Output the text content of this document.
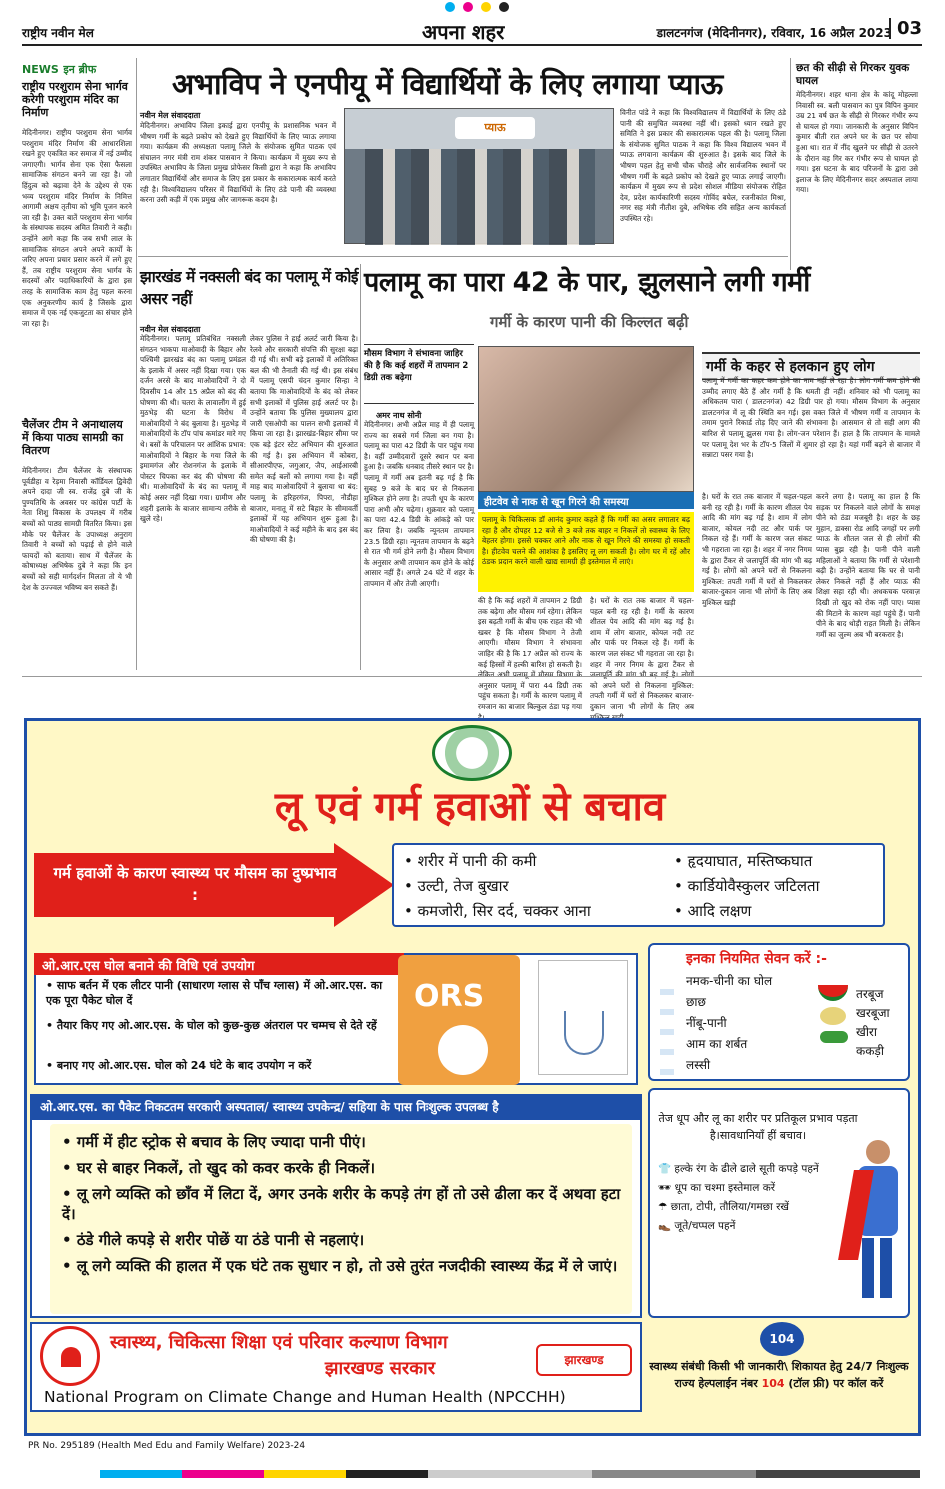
राष्ट्रीय नवीन मेल	अपना शहर	डालटनगंज (मेदिनीनगर), रविवार, 16 अप्रैल 2023 03
NEWS इन ब्रीफ
राष्ट्रीय परशुराम सेना भार्गव करेगी परशुराम मंदिर का निर्माण
मेदिनीनगर। राष्ट्रीय परशुराम सेना भार्गव परशुराम मंदिर निर्माण की आधारशिला रखने हुए एकत्रित कर समाज में नई उम्मीद जगाएगी। भार्गव सेना एक ऐसा फैसला सामाजिक संगठन बनने जा रहा है। जो हिंदुत्व को बढ़ावा देने के उद्देश्य से एक भव्य परशुराम मंदिर निर्माण के निमित्त आगामी अक्षय तृतीया को भूमि पूजन करने जा रही है। उक्त बातें परशुराम सेना भार्गव के संस्थापक सदस्य अमित तिवारी ने कही। उन्होंने आगे कहा कि जब सभी लाल के सामाजिक संगठन अपने अपने कार्यों के जरिए अपना प्रचार प्रसार करने में लगे हुए हैं, तब राष्ट्रीय परशुराम सेना भार्गव के सदस्यों और पदाधिकारियों के द्वारा इस तरह के सामाजिक काम हेतु पहल करना एक अनुकरणीय कार्य है जिसके द्वारा समाज में एक नई एकजुटता का संचार होने जा रहा है।
चैलेंजर टीम ने अनाथालय में किया पाठ्य सामग्री का वितरण
मेदिनीनगर। टीम चैलेंजर के संस्थापक पूर्वडीहा व रेड़मा निवासी कॉर्डियल द्विवेदी अपने दादा जी स्व. राजेंद्र दुबे जी के पुण्यतिथि के अवसर पर कांग्रेस पार्टी के नेता शिशु विकास के उपलक्ष्य में गरीब बच्चों को पाठ्य सामग्री वितरित किया। इस मौके पर चैलेंजर के उपाध्यक्ष अनुराग तिवारी ने बच्चों को पढ़ाई से होने वाले फायदों को बताया। साथ में चैलेंजर के कोषाध्यक्ष अभिषेक दुबे ने कहा कि इन बच्चों को सही मार्गदर्शन मिलता तो ये भी देश के उज्ज्वल भविष्य बन सकते हैं।
अभाविप ने एनपीयू में विद्यार्थियों के लिए लगाया प्याऊ
नवीन मेल संवाददाता
मेदिनीनगर। अभाविप जिला इकाई द्वारा एनपीयू के प्रशासनिक भवन में भीषण गर्मी के बढ़ते प्रकोप को देखते हुए विद्यार्थियों के लिए प्याऊ लगाया गया। कार्यक्रम की अध्यक्षता पलामू जिले के संयोजक सुमित पाठक एवं संचालन नगर मंत्री राम शंकर पासवान ने किया। कार्यक्रम में मुख्य रूप से उपस्थित अभाविप के जिला प्रमुख प्रोफेसर किसी द्वारा ने कहा कि अभाविप लगातार विद्यार्थियों और समाज के लिए इस प्रकार के सकारात्मक कार्य करते रही है। विश्वविद्यालय परिसर में विद्यार्थियों के लिए ठंडे पानी की व्यवस्था करना उसी कड़ी में एक प्रमुख और जागरूक कदम है।
प्याऊ
विनीत पांडे ने कहा कि विश्वविद्यालय में विद्यार्थियों के लिए ठंडे पानी की समुचित व्यवस्था नहीं थी। इसको ध्यान रखते हुए समिति ने इस प्रकार की सकारात्मक पहल की है। पलामू जिला के संयोजक सुमित पाठक ने कहा कि विश्व विद्यालय भवन में प्याऊ लगवाना कार्यक्रम की शुरुआत है। इसके बाद जिले के भीषण पहल हेतु सभी चौक चौराहे और सार्वजनिक स्थानों पर भीषण गर्मी के बढ़ते प्रकोप को देखते हुए प्याऊ लगाई जाएगी। कार्यक्रम में मुख्य रूप से प्रदेश सोशल मीडिया संयोजक रोहित देव, प्रदेश कार्यकारिणी सदस्य गोविंद बघेल, रजनीकांत मिश्रा, नगर सह मंत्री नीतीश दुबे, अभिषेक रवि सहित अन्य कार्यकर्ता उपस्थित रहे।
छत की सीढ़ी से गिरकर युवक घायल
मेदिनीनगर। शहर थाना क्षेत्र के कांदू मोहल्ला निवासी स्व. बली पासवान का पुत्र विपिन कुमार उम्र 21 वर्ष छत के सीढ़ी से गिरकर गंभीर रूप से घायल हो गया। जानकारी के अनुसार विपिन कुमार बीती रात अपने घर के छत पर सोया हुआ था। रात में नींद खुलने पर सीढ़ी से उतरने के दौरान वह गिर कर गंभीर रूप से घायल हो गया। इस घटना के बाद परिजनों के द्वारा उसे इलाज के लिए मेदिनीनगर सदर अस्पताल लाया गया।
झारखंड में नक्सली बंद का पलामू में कोई असर नहीं
नवीन मेल संवाददाता
मेदिनीनगर। पलामू प्रतिबंधित नक्सली संगठन भाकपा माओवादी के बिहार और पश्चिमी झारखंड बंद का पलामू प्रमंडल के इलाके में असर नहीं दिखा गया। एक दर्जन अरसे के बाद माओवादियों ने दो दिवसीय 14 और 15 अप्रैल को बंद की घोषणा की थी। चतरा के लावालौंग में हुई मुठभेड़ की घटना के विरोध में माओवादियों ने बंद बुलाया है। मुठभेड़ में माओवादियों के टॉप पांच कमांडर मारे गए थे। बसों के परिचालन पर आंशिक प्रभाव: माओवादियों ने बिहार के गया जिले के इमामगंज और रोशनगंज के इलाके में पोस्टर चिपका कर बंद की घोषणा की थी। माओवादियों के बंद का पलामू में कोई असर नहीं दिखा गया। ग्रामीण और शहरी इलाके के बाजार सामान्य तरीके से खुले रहे।
लेकर पुलिस ने हाई अलर्ट जारी किया है। रेलवे और सरकारी संपत्ति की सुरक्षा बढ़ा दी गई थी। सभी बड़े इलाकों में अतिरिक्त बल की भी तैनाती की गई थी। इस संबंध में पलामू एसपी चंदन कुमार सिन्हा ने बताया कि माओवादियों के बंद को लेकर सभी इलाकों में पुलिस हाई अलर्ट पर है। उन्होंने बताया कि पुलिस मुख्यालय द्वारा जारी एसओपी का पालन सभी इलाकों में किया जा रहा है। झारखंड-बिहार सीमा पर एक बड़े इंटर स्टेट अभियान की शुरुआत की गई है। इस अभियान में कोबरा, सीआरपीएफ, जगुआर, जैप, आईआरबी समेत कई बलों को लगाया गया है। वहीं माह बाद माओवादियों ने बुलाया था बंद: पलामू के हरिहरगंज, पिपरा, नौडीहा बाजार, मनातू में सटे बिहार के सीमावर्ती इलाकों में यह अभियान शुरू हुआ है। माओवादियों ने कई महीने के बाद इस बंद की घोषणा की है।
पलामू का पारा 42 के पार, झुलसाने लगी गर्मी
गर्मी के कारण पानी की किल्लत बढ़ी
मौसम विभाग ने संभावना जाहिर की है कि कई शहरों में तापमान 2 डिग्री तक बढ़ेगा
अमर नाथ सोनी
मेदिनीनगर। अभी अप्रैल माह में ही पलामू राज्य का सबसे गर्म जिला बन गया है। पलामू का पारा 42 डिग्री के पार पहुंच गया है। वहीं उम्मीदवारों दूसरे स्थान पर बना हुआ है। जबकि धनबाद तीसरे स्थान पर है। पलामू में गर्मी अब इतनी बढ़ गई है कि सुबह 9 बजे के बाद घर से निकलना मुश्किल होने लगा है। तपती धूप के कारण पारा अभी और चढ़ेगा। शुक्रवार को पलामू का पारा 42.4 डिग्री के आंकड़े को पार कर लिया है। जबकि न्यूनतम तापमान 23.5 डिग्री रहा। न्यूनतम तापमान के बढ़ने से रात भी गर्म होने लगी है। मौसम विभाग के अनुसार अभी तापमान कम होने के कोई आसार नहीं हैं। अगले 24 घंटे में शहर के तापमान में और तेजी आएगी।
हीटवेव से नाक से खून गिरने की समस्या
पलामू के चिकित्सक डॉ आनंद कुमार कहते हैं कि गर्मी का असर लगातार बढ़ रहा है और दोपहर 12 बजे से 3 बजे तक बाहर न निकलें तो स्वास्थ्य के लिए बेहतर होगा। इससे चक्कर आने और नाक से खून गिरने की समस्या हो सकती है। हीटवेव चलने की आशंका है इसलिए लू लग सकती है। लोग घर में रहें और ठंडक प्रदान करने वाली खाद्य सामग्री ही इस्तेमाल में लाएं।
की है कि कई शहरों में तापमान 2 डिग्री तक बढ़ेगा और मौसम गर्म रहेगा। लेकिन इस बढ़ती गर्मी के बीच एक राहत की भी खबर है कि मौसम विभाग ने तेजी आएगी। मौसम विभाग ने संभावना जाहिर की है कि 17 अप्रैल को राज्य के कई हिस्सों में हल्की बारिश हो सकती है। लेकिन अभी पलामू में मौसम विभाग के अनुसार पलामू में पारा 44 डिग्री तक पहुंच सकता है। गर्मी के कारण पलामू में रमजान का बाजार बिल्कुल ठंडा पड़ गया
है। घरों के रात तक बाजार में चहल-पहल बनी रह रही है। गर्मी के कारण शीतल पेय आदि की मांग बढ़ गई है। शाम में लोग बाजार, कोयल नदी तट और पार्क पर निकल रहे हैं। गर्मी के कारण जल संकट भी गहराता जा रहा है। शहर में नगर निगम के द्वारा टैंकर से जलापूर्ति की मांग भी बढ़ गई है। लोगों को अपने घरों से निकलना मुश्किल: तपती गर्मी में घरों से निकलकर बाजार-दुकान जाना भी लोगों के लिए अब
गर्मी के कहर से हलकान हुए लोग
पलामू में गर्मी का कहर कम होने का नाम नहीं ले रहा है। लोग गर्मी कम होने की उम्मीद लगाए बैठे हैं और गर्मी है कि थमती ही नहीं। शनिवार को भी पलामू का अधिकतम पारा ( डालटनगंज) 42 डिग्री पार हो गया। मौसम विभाग के अनुसार डालटनगंज में लू की स्थिति बन गई। इस वक्त जिले में भीषण गर्मी व तापमान के तमाम पुराने रिकार्ड तोड़ दिए जाने की संभावना है। आसमान से तो सही आग की बारिश से पलामू झुलस गया है। लोग-जन परेशान हैं। हाल है कि तापमान के मामले पर पलामू देश भर के टॉप-5 जिलों में शुमार हो रहा है। यहां गर्मी बढ़ने से बाजार में सन्नाटा पसर गया है।
है। घरों के रात तक बाजार में चहल-पहल बनी रह रही है। गर्मी के कारण शीतल पेय आदि की मांग बढ़ गई है। शाम में लोग बाजार, कोयल नदी तट और पार्क पर निकल रहे हैं। गर्मी के कारण जल संकट भी गहराता जा रहा है। शहर में नगर निगम के द्वारा टैंकर से जलापूर्ति की मांग भी बढ़ गई है। लोगों को अपने घरों से निकलना मुश्किल: तपती गर्मी में घरों से निकलकर बाजार-दुकान जाना भी लोगों के लिए अब मुश्किल खड़ी
करने लगा है। पलामू का हाल है कि सड़क पर निकलने वाले लोगों के समक्ष पीने को ठंडा मजबूरी है। शहर के छह मुहान, डाक्सा रोड आदि जगहों पर लगी प्याऊ के शीतल जल से ही लोगों की प्यास बुझ रही है। पानी पीने वाली महिलाओं ने बताया कि गर्मी से परेशानी बढ़ी है। उन्होंने बताया कि घर से पानी लेकर निकले नहीं हैं और प्याऊ की शिक्षा सहा रही थी। अधकचक परवाज़ दिखी तो खुद को रोक नहीं पाए। प्यास की मिटाने के कारण वहां पहुंचे हैं। पानी पीने के बाद थोड़ी राहत मिली है। लेकिन गर्मी का जुल्म अब भी बरकरार है।
लू एवं गर्म हवाओं से बचाव
गर्म हवाओं के कारण स्वास्थ्य पर मौसम का दुष्प्रभाव :
• शरीर में पानी की कमी
• उल्टी, तेज बुखार
• कमजोरी, सिर दर्द, चक्कर आना
• हृदयाघात, मस्तिष्कघात
• कार्डियोवैस्कुलर जटिलता
• आदि लक्षण
ओ.आर.एस घोल बनाने की विधि एवं उपयोग
• साफ बर्तन में एक लीटर पानी (साधारण ग्लास से पाँच ग्लास) में ओ.आर.एस. का एक पूरा पैकेट घोल दें
• तैयार किए गए ओ.आर.एस. के घोल को कुछ-कुछ अंतराल पर चम्मच से देते रहें
• बनाए गए ओ.आर.एस. घोल को 24 घंटे के बाद उपयोग न करें
ORS
इनका नियमित सेवन करें :-
नमक-चीनी का घोल
छाछ
नींबू-पानी
आम का शर्बत
लस्सी
तरबूज
खरबूजा
खीरा
ककड़ी
ओ.आर.एस. का पैकेट निकटतम सरकारी अस्पताल/ स्वास्थ्य उपकेन्द्र/ सहिया के पास निःशुल्क उपलब्ध है
• गर्मी में हीट स्ट्रोक से बचाव के लिए ज्यादा पानी पीएं।
• घर से बाहर निकलें, तो खुद को कवर करके ही निकलें।
• लू लगे व्यक्ति को छाँव में लिटा दें, अगर उनके शरीर के कपड़े तंग हों तो उसे ढीला कर दें अथवा हटा दें।
• ठंडे गीले कपड़े से शरीर पोछें या ठंडे पानी से नहलाएं।
• लू लगे व्यक्ति की हालत में एक घंटे तक सुधार न हो, तो उसे तुरंत नजदीकी स्वास्थ्य केंद्र में ले जाएं।
तेज धूप और लू का शरीर पर प्रतिकूल प्रभाव पड़ता है।सावधानियाँ हीं बचाव।
👕 हल्के रंग के ढीले ढाले सूती कपड़े पहनें
🕶 धूप का चश्मा इस्तेमाल करें
☂ छाता, टोपी, तौलिया/गमछा रखें
👞 जूते/चप्पल पहनें
स्वास्थ्य, चिकित्सा शिक्षा एवं परिवार कल्याण विभाग
झारखण्ड सरकार	झारखण्ड
National Program on Climate Change and Human Health (NPCCHH)
104
स्वास्थ्य संबंधी किसी भी जानकारी\ शिकायत हेतु 24/7 निःशुल्क राज्य हेल्पलाईन नंबर 104 (टॉल फ्री) पर कॉल करें
PR No. 295189 (Health Med Edu and Family Welfare) 2023-24
